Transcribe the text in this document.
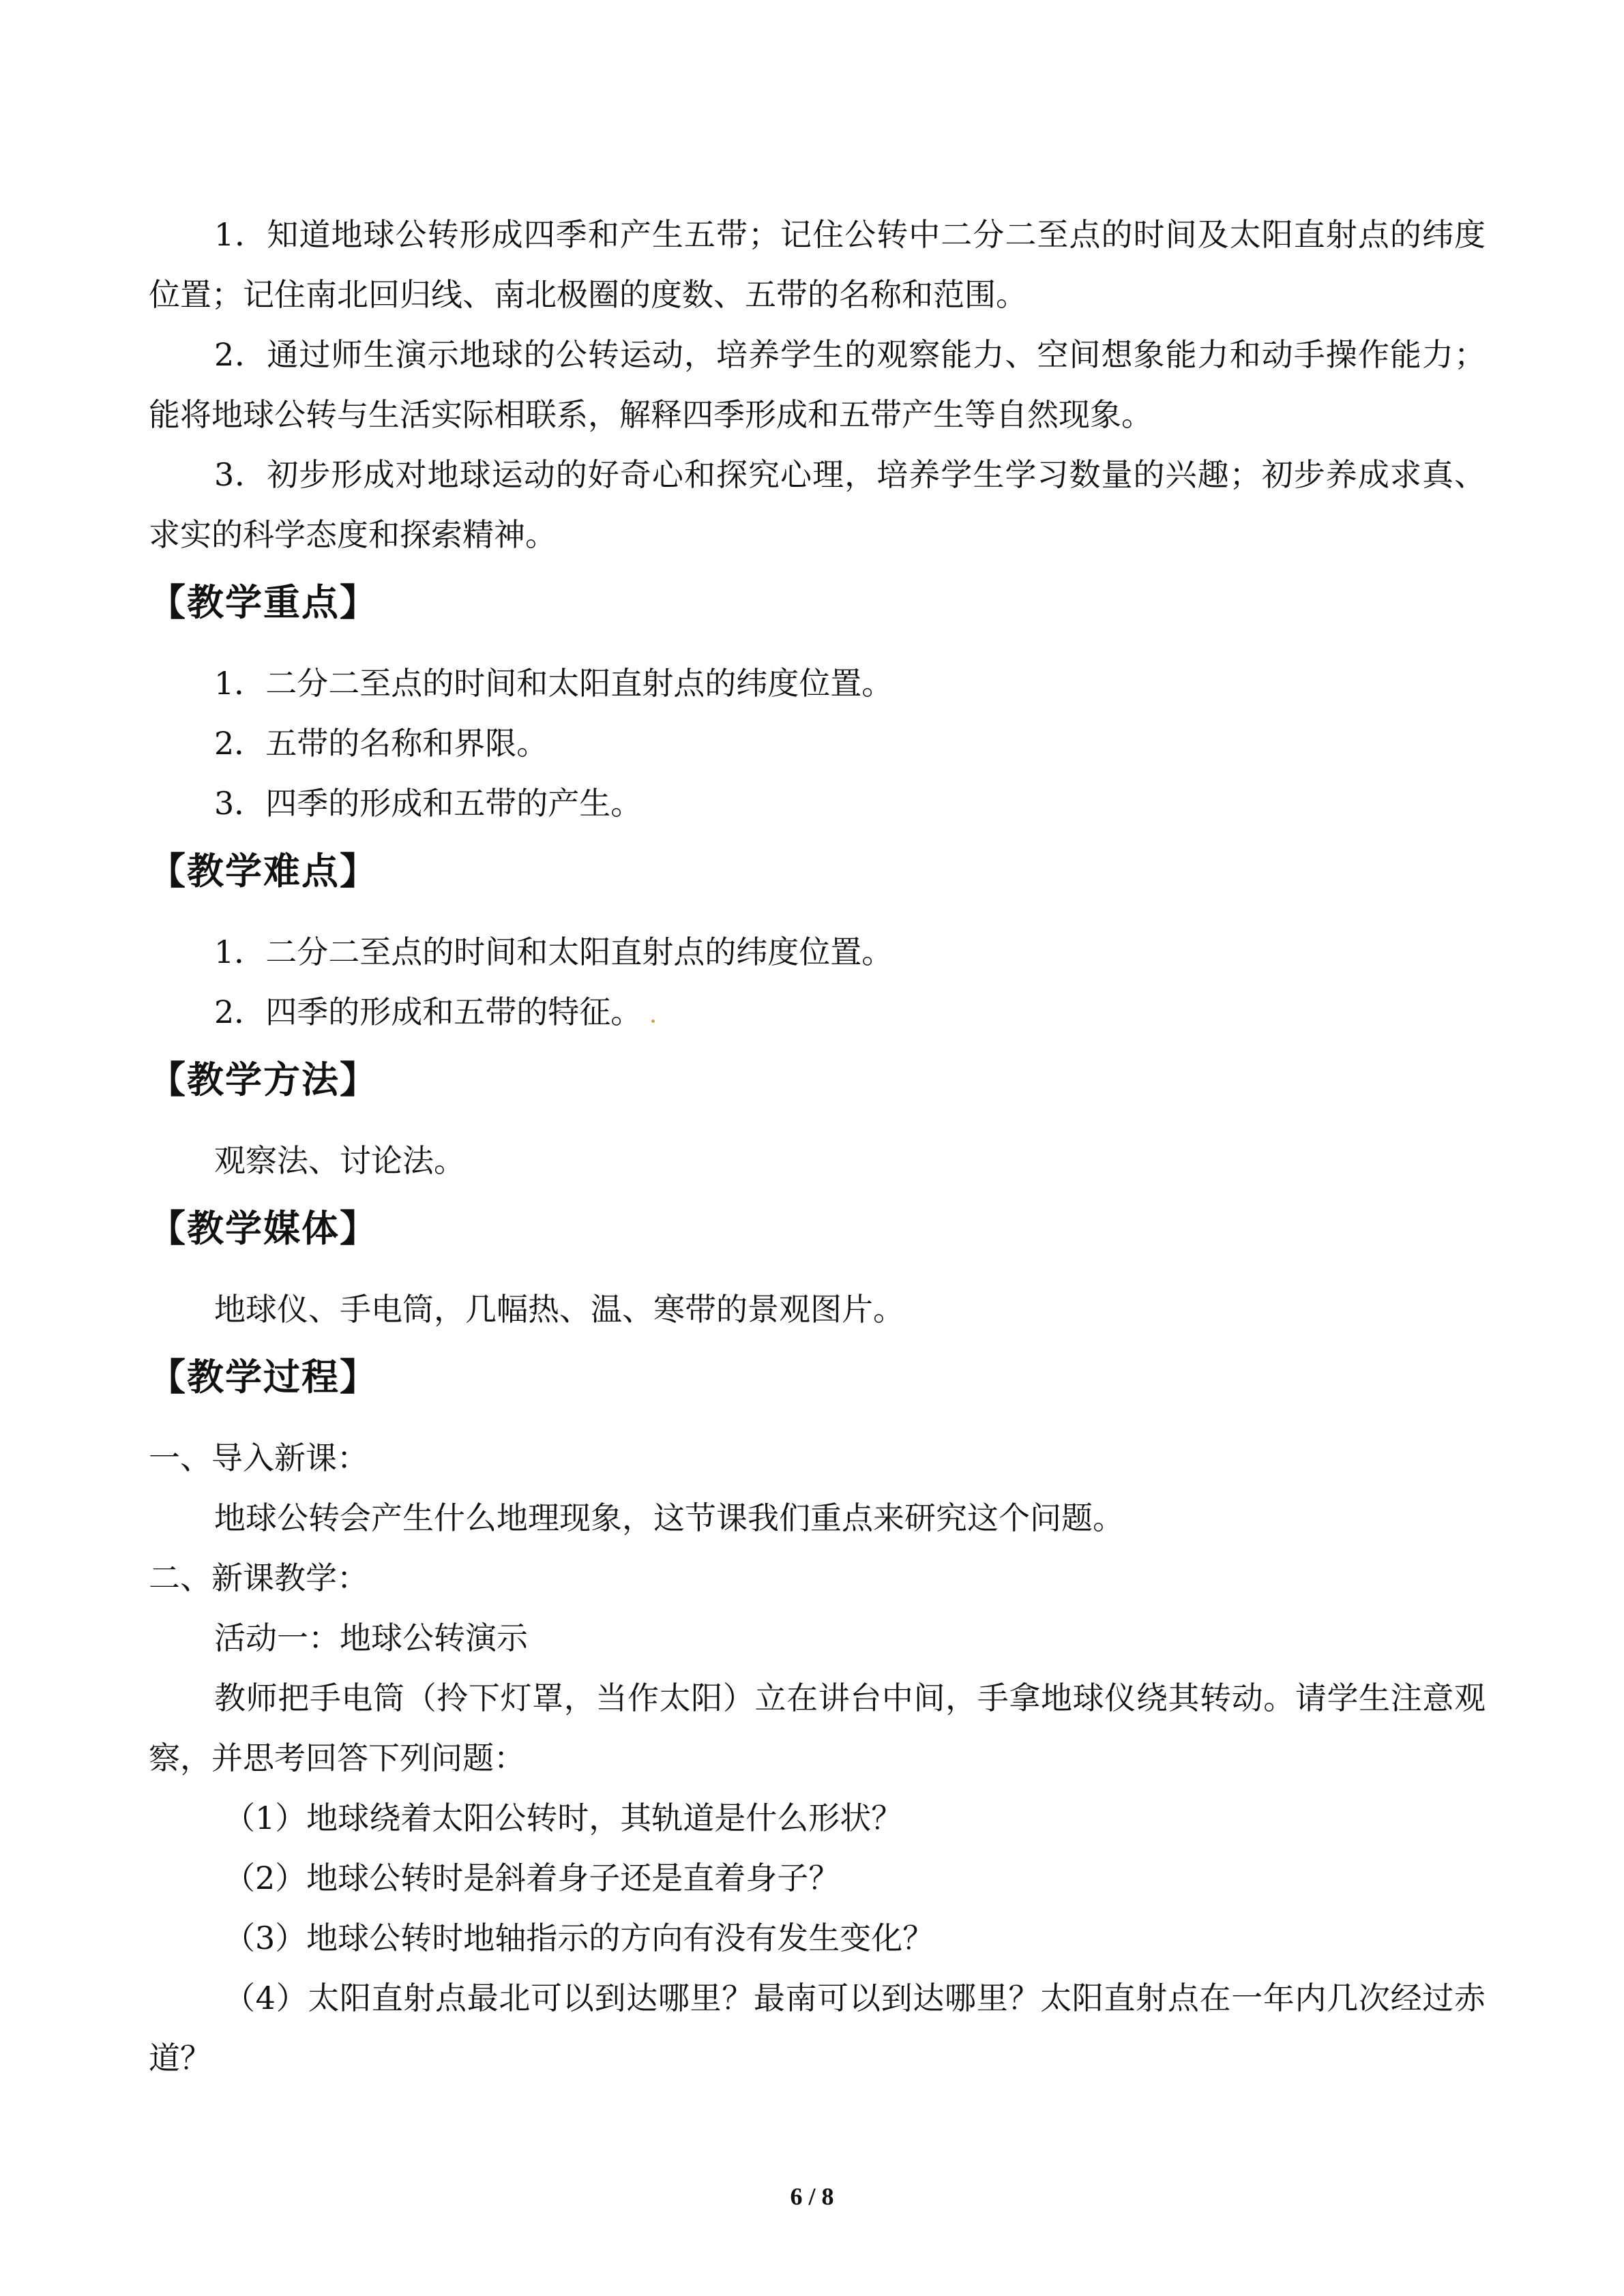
1．知道地球公转形成四季和产生五带；记住公转中二分二至点的时间及太阳直射点的纬度位置；记住南北回归线、南北极圈的度数、五带的名称和范围。

2．通过师生演示地球的公转运动，培养学生的观察能力、空间想象能力和动手操作能力；能将地球公转与生活实际相联系，解释四季形成和五带产生等自然现象。

3．初步形成对地球运动的好奇心和探究心理，培养学生学习数量的兴趣；初步养成求真、求实的科学态度和探索精神。

【教学重点】

1．二分二至点的时间和太阳直射点的纬度位置。

2．五带的名称和界限。

3．四季的形成和五带的产生。

【教学难点】

1．二分二至点的时间和太阳直射点的纬度位置。

2．四季的形成和五带的特征。

【教学方法】

观察法、讨论法。

【教学媒体】

地球仪、手电筒，几幅热、温、寒带的景观图片。

【教学过程】

一、导入新课：

地球公转会产生什么地理现象，这节课我们重点来研究这个问题。

二、新课教学：

活动一：地球公转演示

教师把手电筒（拎下灯罩，当作太阳）立在讲台中间，手拿地球仪绕其转动。请学生注意观察，并思考回答下列问题：

（1）地球绕着太阳公转时，其轨道是什么形状？

（2）地球公转时是斜着身子还是直着身子？

（3）地球公转时地轴指示的方向有没有发生变化？

（4）太阳直射点最北可以到达哪里？最南可以到达哪里？太阳直射点在一年内几次经过赤道？

6 / 8
